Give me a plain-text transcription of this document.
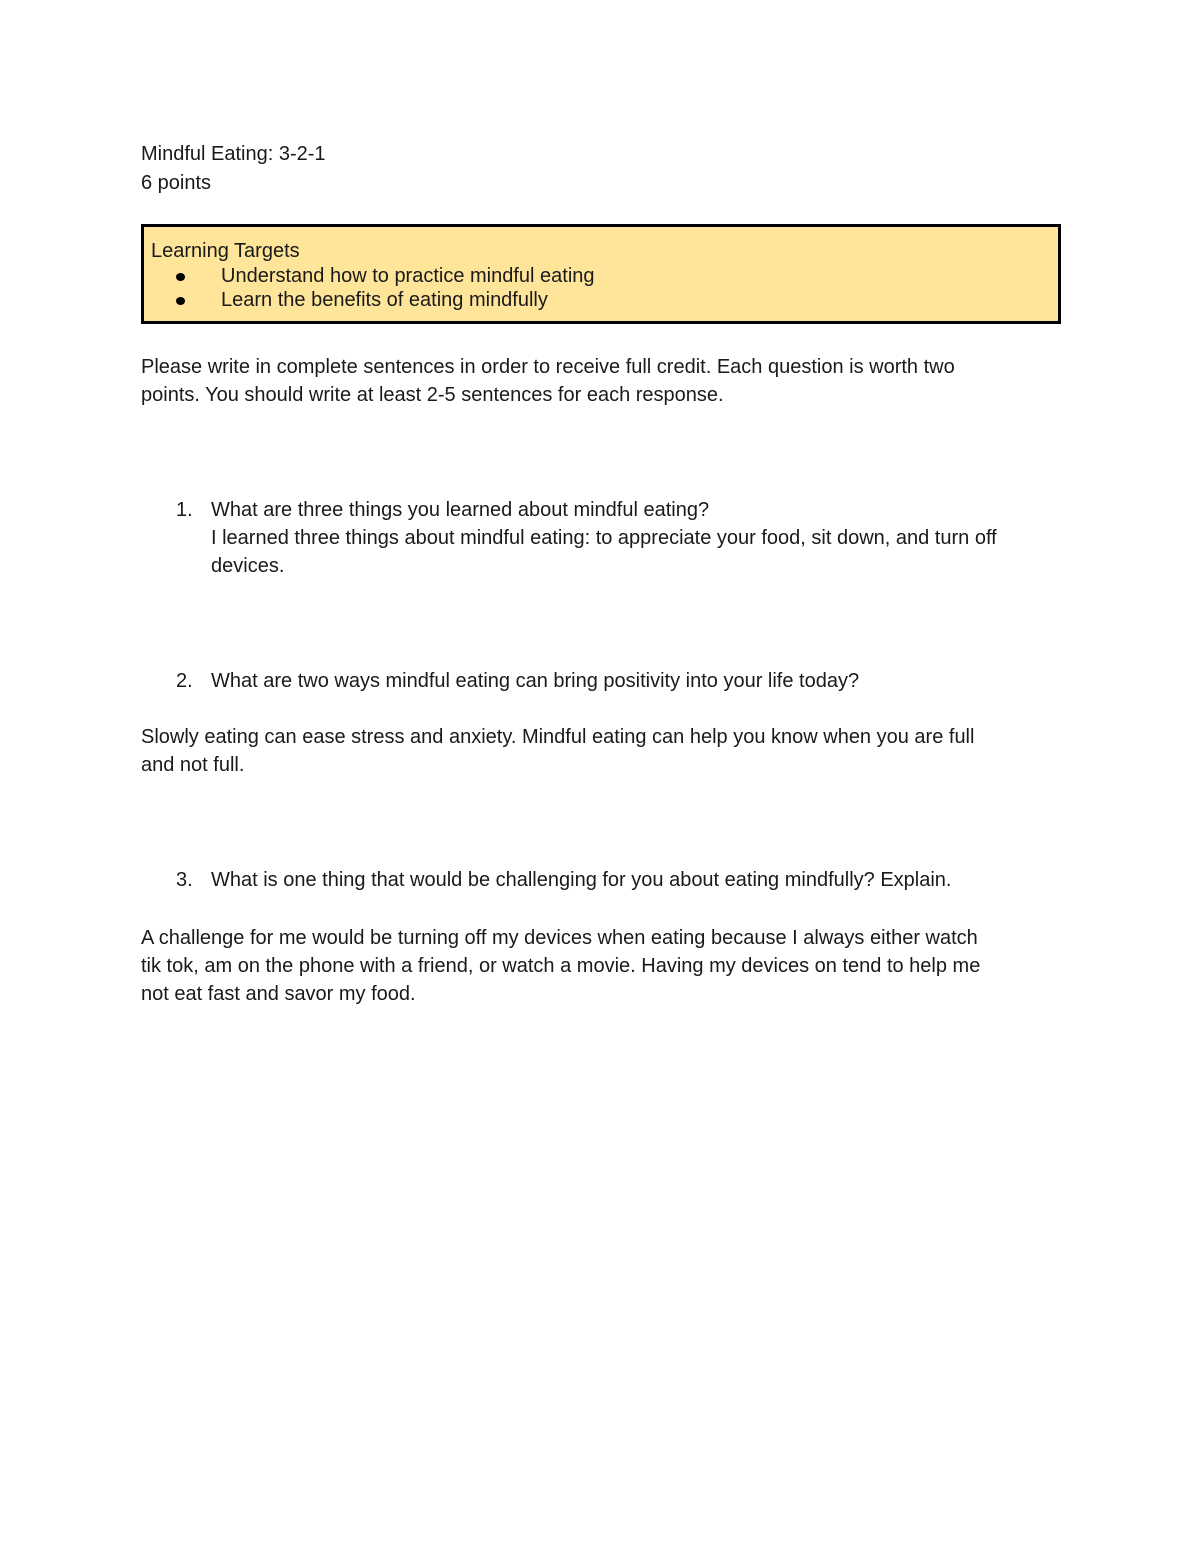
Mindful Eating: 3-2-1
6 points
Learning Targets
Understand how to practice mindful eating
Learn the benefits of eating mindfully
Please write in complete sentences in order to receive full credit. Each question is worth two
points. You should write at least 2-5 sentences for each response.
1. What are three things you learned about mindful eating?
I learned three things about mindful eating: to appreciate your food, sit down, and turn off
devices.
2. What are two ways mindful eating can bring positivity into your life today?
Slowly eating can ease stress and anxiety. Mindful eating can help you know when you are full
and not full.
3. What is one thing that would be challenging for you about eating mindfully? Explain.
A challenge for me would be turning off my devices when eating because I always either watch
tik tok, am on the phone with a friend, or watch a movie. Having my devices on tend to help me
not eat fast and savor my food.
